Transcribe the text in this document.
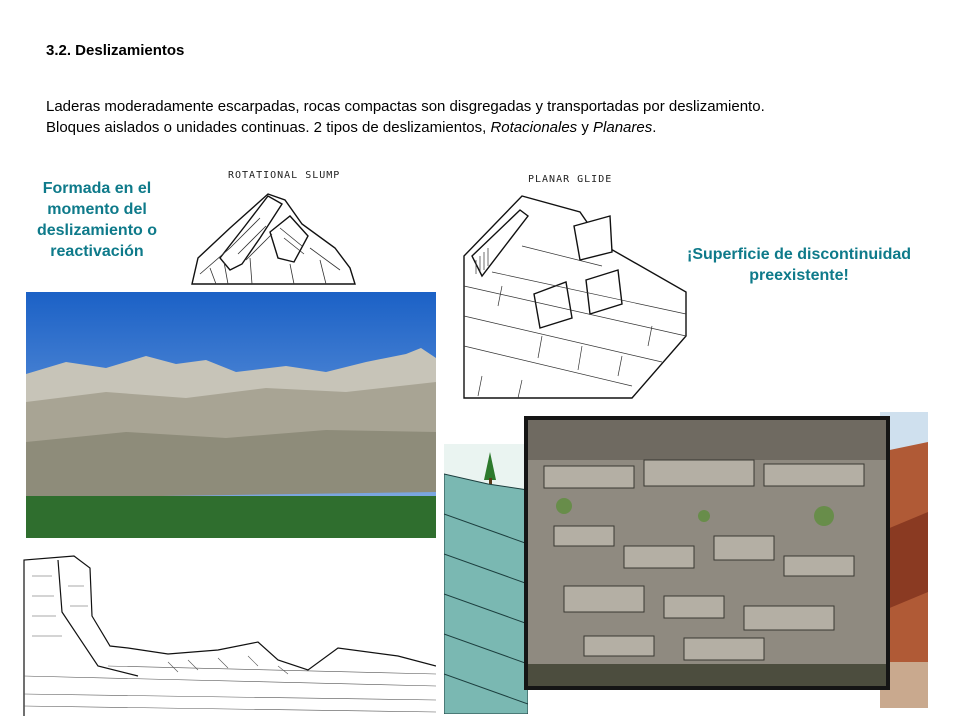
3.2. Deslizamientos
Laderas moderadamente escarpadas, rocas compactas son disgregadas y transportadas por deslizamiento.
Bloques aislados o unidades continuas. 2 tipos de deslizamientos, Rotacionales y Planares.
Formada en el momento del deslizamiento o reactivación	¡Superficie de discontinuidad preexistente!
ROTATIONAL SLUMP	PLANAR GLIDE
